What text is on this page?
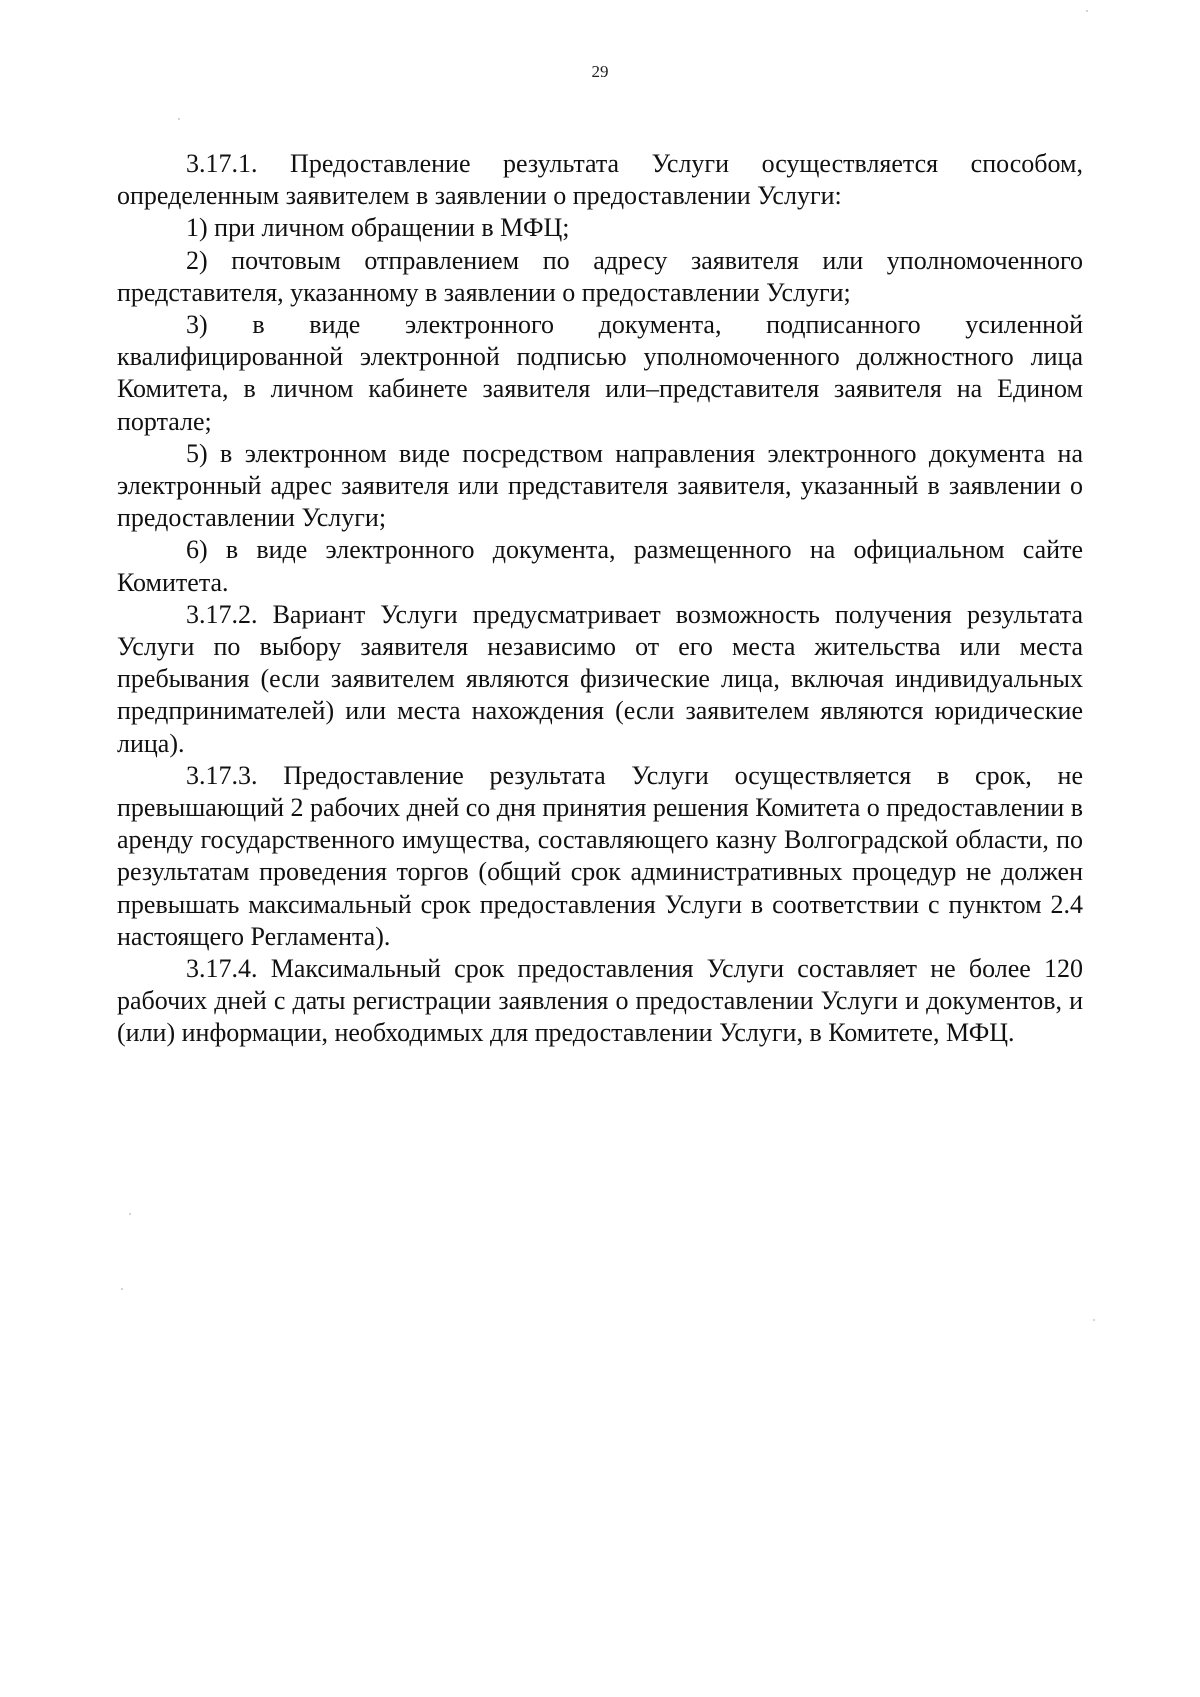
29

3.17.1. Предоставление результата Услуги осуществляется способом, определенным заявителем в заявлении о предоставлении Услуги:

1) при личном обращении в МФЦ;

2) почтовым отправлением по адресу заявителя или уполномоченного представителя, указанному в заявлении о предоставлении Услуги;

3) в виде электронного документа, подписанного усиленной квалифицированной электронной подписью уполномоченного должностного лица Комитета, в личном кабинете заявителя или–представителя заявителя на Едином портале;

5) в электронном виде посредством направления электронного документа на электронный адрес заявителя или представителя заявителя, указанный в заявлении о предоставлении Услуги;

6) в виде электронного документа, размещенного на официальном сайте Комитета.

3.17.2. Вариант Услуги предусматривает возможность получения результата Услуги по выбору заявителя независимо от его места жительства или места пребывания (если заявителем являются физические лица, включая индивидуальных предпринимателей) или места нахождения (если заявителем являются юридические лица).

3.17.3. Предоставление результата Услуги осуществляется в срок, не превышающий 2 рабочих дней со дня принятия решения Комитета о предоставлении в аренду государственного имущества, составляющего казну Волгоградской области, по результатам проведения торгов (общий срок административных процедур не должен превышать максимальный срок предоставления Услуги в соответствии с пунктом 2.4 настоящего Регламента).

3.17.4. Максимальный срок предоставления Услуги составляет не более 120 рабочих дней с даты регистрации заявления о предоставлении Услуги и документов, и (или) информации, необходимых для предоставлении Услуги, в Комитете, МФЦ.
